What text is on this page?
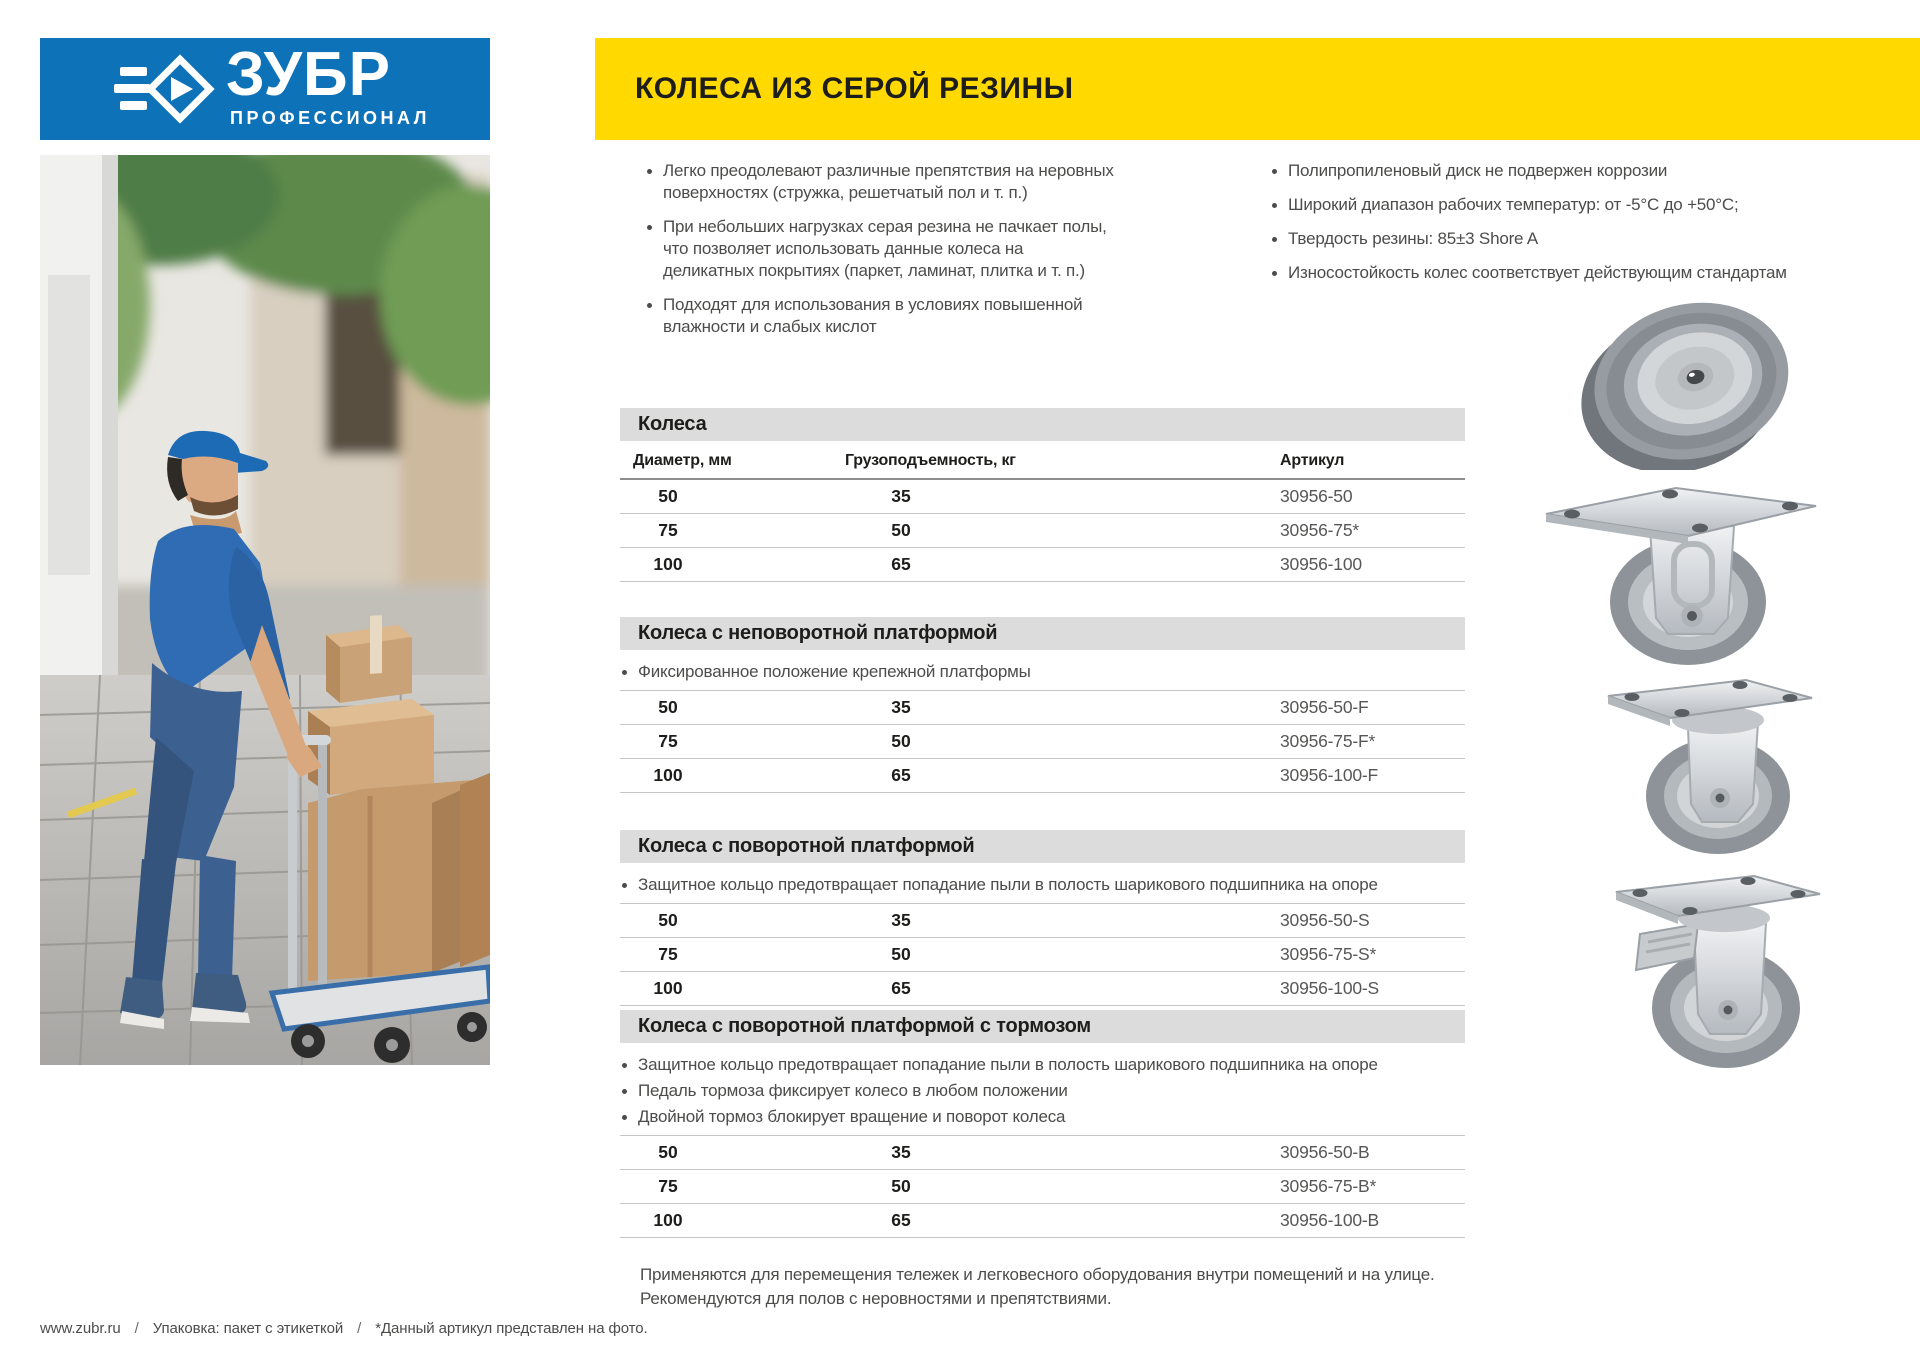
ЗУБР
ПРОФЕССИОНАЛ
КОЛЕСА ИЗ СЕРОЙ РЕЗИНЫ
Легко преодолевают различные препятствия на неровных поверхностях (стружка, решетчатый пол и т. п.)
При небольших нагрузках серая резина не пачкает полы, что позволяет использовать данные колеса на деликатных покрытиях (паркет, ламинат, плитка и т. п.)
Подходят для использования в условиях повышенной влажности и слабых кислот
Полипропиленовый диск не подвержен коррозии
Широкий диапазон рабочих температур: от -5°С до +50°С;
Твердость резины: 85±3 Shore A
Износостойкость колес соответствует действующим стандартам
Колеса
Диаметр, мм	Грузоподъемность, кг	Артикул
50	35	30956-50
75	50	30956-75*
100	65	30956-100
Колеса с неповоротной платформой
Фиксированное положение крепежной платформы
50	35	30956-50-F
75	50	30956-75-F*
100	65	30956-100-F
Колеса с поворотной платформой
Защитное кольцо предотвращает попадание пыли в полость шарикового подшипника на опоре
50	35	30956-50-S
75	50	30956-75-S*
100	65	30956-100-S
Колеса с поворотной платформой с тормозом
Защитное кольцо предотвращает попадание пыли в полость шарикового подшипника на опоре
Педаль тормоза фиксирует колесо в любом положении
Двойной тормоз блокирует вращение и поворот колеса
50	35	30956-50-B
75	50	30956-75-B*
100	65	30956-100-B
Применяются для перемещения тележек и легковесного оборудования внутри помещений и на улице.
Рекомендуются для полов с неровностями и препятствиями.
www.zubr.ru / Упаковка: пакет с этикеткой / *Данный артикул представлен на фото.
